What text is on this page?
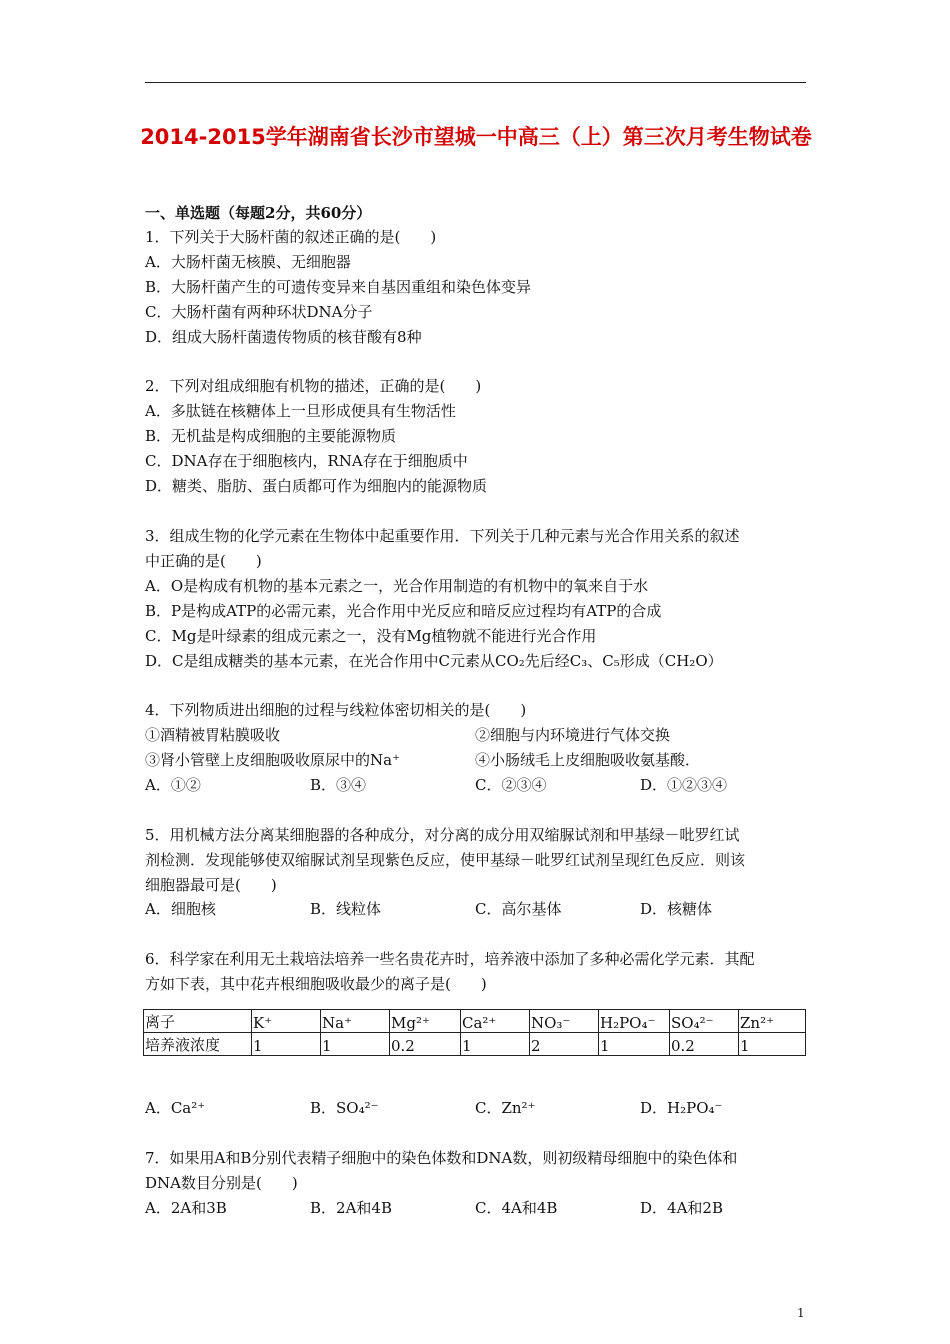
2014-2015学年湖南省长沙市望城一中高三（上）第三次月考生物试卷
一、单选题（每题2分，共60分）
1．下列关于大肠杆菌的叙述正确的是(　　)
A．大肠杆菌无核膜、无细胞器
B．大肠杆菌产生的可遗传变异来自基因重组和染色体变异
C．大肠杆菌有两种环状DNA分子
D．组成大肠杆菌遗传物质的核苷酸有8种
2．下列对组成细胞有机物的描述，正确的是(　　)
A．多肽链在核糖体上一旦形成便具有生物活性
B．无机盐是构成细胞的主要能源物质
C．DNA存在于细胞核内，RNA存在于细胞质中
D．糖类、脂肪、蛋白质都可作为细胞内的能源物质
3．组成生物的化学元素在生物体中起重要作用．下列关于几种元素与光合作用关系的叙述
中正确的是(　　)
A．O是构成有机物的基本元素之一，光合作用制造的有机物中的氧来自于水
B．P是构成ATP的必需元素，光合作用中光反应和暗反应过程均有ATP的合成
C．Mg是叶绿素的组成元素之一，没有Mg植物就不能进行光合作用
D．C是组成糖类的基本元素，在光合作用中C元素从CO₂先后经C₃、C₅形成（CH₂O）
4．下列物质进出细胞的过程与线粒体密切相关的是(　　)
①酒精被胃粘膜吸收	②细胞与内环境进行气体交换
③肾小管壁上皮细胞吸收原尿中的Na⁺	④小肠绒毛上皮细胞吸收氨基酸．
A．①②	B．③④	C．②③④	D．①②③④
5．用机械方法分离某细胞器的各种成分，对分离的成分用双缩脲试剂和甲基绿－吡罗红试
剂检测．发现能够使双缩脲试剂呈现紫色反应，使甲基绿－吡罗红试剂呈现红色反应．则该
细胞器最可是(　　)
A．细胞核	B．线粒体	C．高尔基体	D．核糖体
6．科学家在利用无土栽培法培养一些名贵花卉时，培养液中添加了多种必需化学元素．其配
方如下表，其中花卉根细胞吸收最少的离子是(　　)
离子	K⁺	Na⁺	Mg²⁺	Ca²⁺	NO₃⁻	H₂PO₄⁻	SO₄²⁻	Zn²⁺
培养液浓度	1	1	0.2	1	2	1	0.2	1
A．Ca²⁺	B．SO₄²⁻	C．Zn²⁺	D．H₂PO₄⁻
7．如果用A和B分别代表精子细胞中的染色体数和DNA数，则初级精母细胞中的染色体和
DNA数目分别是(　　)
A．2A和3B	B．2A和4B	C．4A和4B	D．4A和2B
1
